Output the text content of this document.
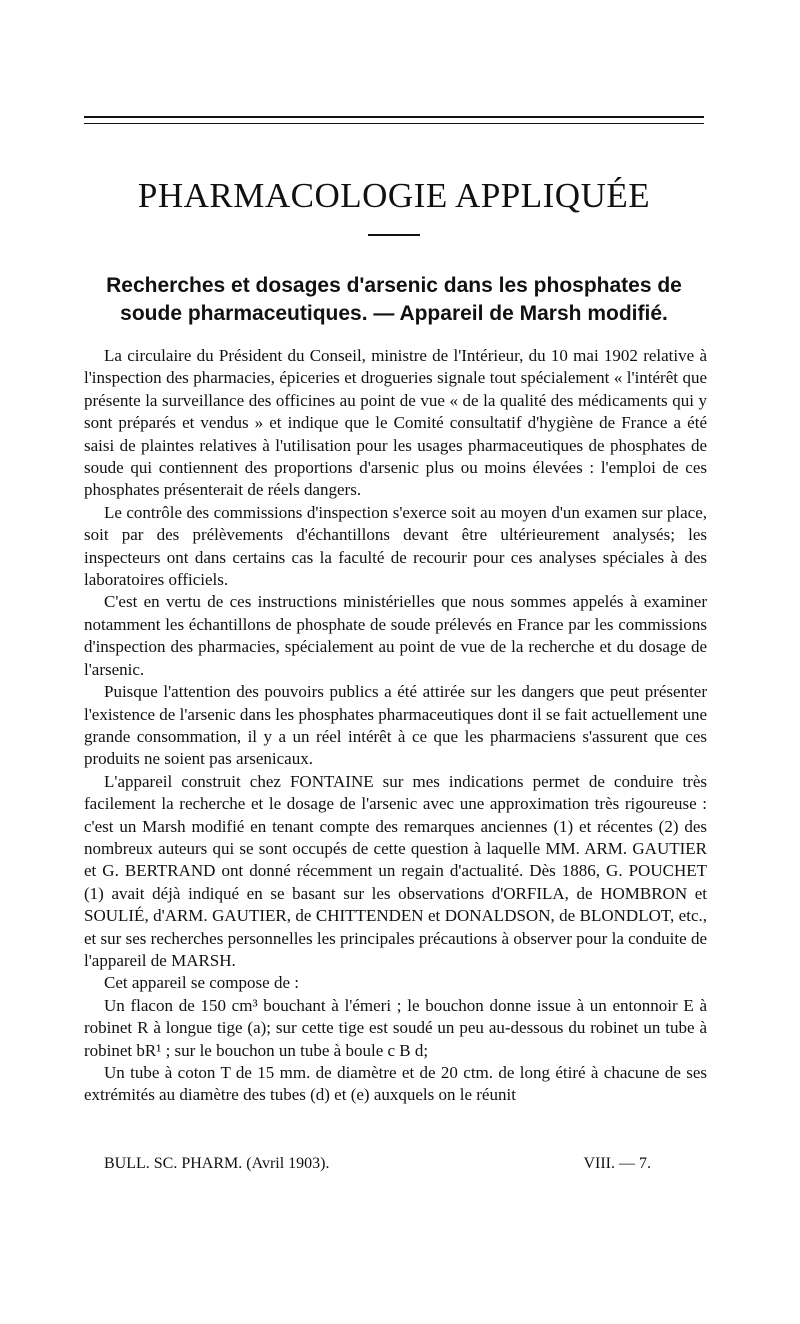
PHARMACOLOGIE APPLIQUÉE
Recherches et dosages d'arsenic dans les phosphates de soude pharmaceutiques. — Appareil de Marsh modifié.

La circulaire du Président du Conseil, ministre de l'Intérieur, du 10 mai 1902 relative à l'inspection des pharmacies, épiceries et drogueries signale tout spécialement « l'intérêt que présente la surveillance des officines au point de vue « de la qualité des médicaments qui y sont préparés et vendus » et indique que le Comité consultatif d'hygiène de France a été saisi de plaintes relatives à l'utilisation pour les usages pharmaceutiques de phosphates de soude qui contiennent des proportions d'arsenic plus ou moins élevées : l'emploi de ces phosphates présenterait de réels dangers.

Le contrôle des commissions d'inspection s'exerce soit au moyen d'un examen sur place, soit par des prélèvements d'échantillons devant être ultérieurement analysés; les inspecteurs ont dans certains cas la faculté de recourir pour ces analyses spéciales à des laboratoires officiels.

C'est en vertu de ces instructions ministérielles que nous sommes appelés à examiner notamment les échantillons de phosphate de soude prélevés en France par les commissions d'inspection des pharmacies, spécialement au point de vue de la recherche et du dosage de l'arsenic.

Puisque l'attention des pouvoirs publics a été attirée sur les dangers que peut présenter l'existence de l'arsenic dans les phosphates pharmaceutiques dont il se fait actuellement une grande consommation, il y a un réel intérêt à ce que les pharmaciens s'assurent que ces produits ne soient pas arsenicaux.

L'appareil construit chez FONTAINE sur mes indications permet de conduire très facilement la recherche et le dosage de l'arsenic avec une approximation très rigoureuse : c'est un Marsh modifié en tenant compte des remarques anciennes (1) et récentes (2) des nombreux auteurs qui se sont occupés de cette question à laquelle MM. ARM. GAUTIER et G. BERTRAND ont donné récemment un regain d'actualité. Dès 1886, G. POUCHET (1) avait déjà indiqué en se basant sur les observations d'ORFILA, de HOMBRON et SOULIÉ, d'ARM. GAUTIER, de CHITTENDEN et DONALDSON, de BLONDLOT, etc., et sur ses recherches personnelles les principales précautions à observer pour la conduite de l'appareil de MARSH.

Cet appareil se compose de :

Un flacon de 150 cm³ bouchant à l'émeri ; le bouchon donne issue à un entonnoir E à robinet R à longue tige (a); sur cette tige est soudé un peu au-dessous du robinet un tube à robinet bR¹ ; sur le bouchon un tube à boule c B d;

Un tube à coton T de 15 mm. de diamètre et de 20 ctm. de long étiré à chacune de ses extrémités au diamètre des tubes (d) et (e) auxquels on le réunit

BULL. SC. PHARM. (Avril 1903).	VIII. — 7.
